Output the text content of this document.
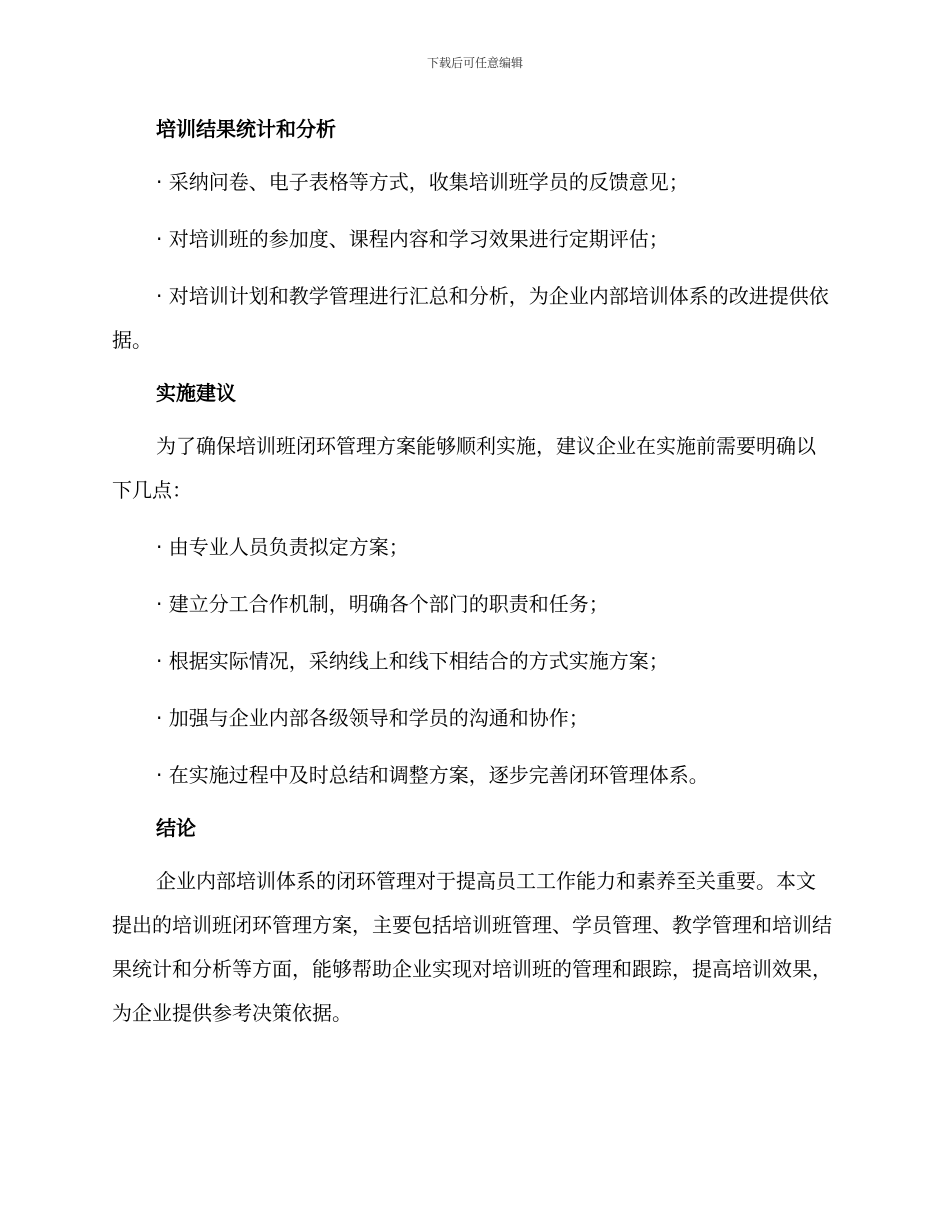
下载后可任意编辑
培训结果统计和分析

· 采纳问卷、电子表格等方式，收集培训班学员的反馈意见；

· 对培训班的参加度、课程内容和学习效果进行定期评估；

· 对培训计划和教学管理进行汇总和分析，为企业内部培训体系的改进提供依据。

实施建议

为了确保培训班闭环管理方案能够顺利实施，建议企业在实施前需要明确以下几点：

· 由专业人员负责拟定方案；

· 建立分工合作机制，明确各个部门的职责和任务；

· 根据实际情况，采纳线上和线下相结合的方式实施方案；

· 加强与企业内部各级领导和学员的沟通和协作；

· 在实施过程中及时总结和调整方案，逐步完善闭环管理体系。

结论

企业内部培训体系的闭环管理对于提高员工工作能力和素养至关重要。本文提出的培训班闭环管理方案，主要包括培训班管理、学员管理、教学管理和培训结果统计和分析等方面，能够帮助企业实现对培训班的管理和跟踪，提高培训效果，为企业提供参考决策依据。
